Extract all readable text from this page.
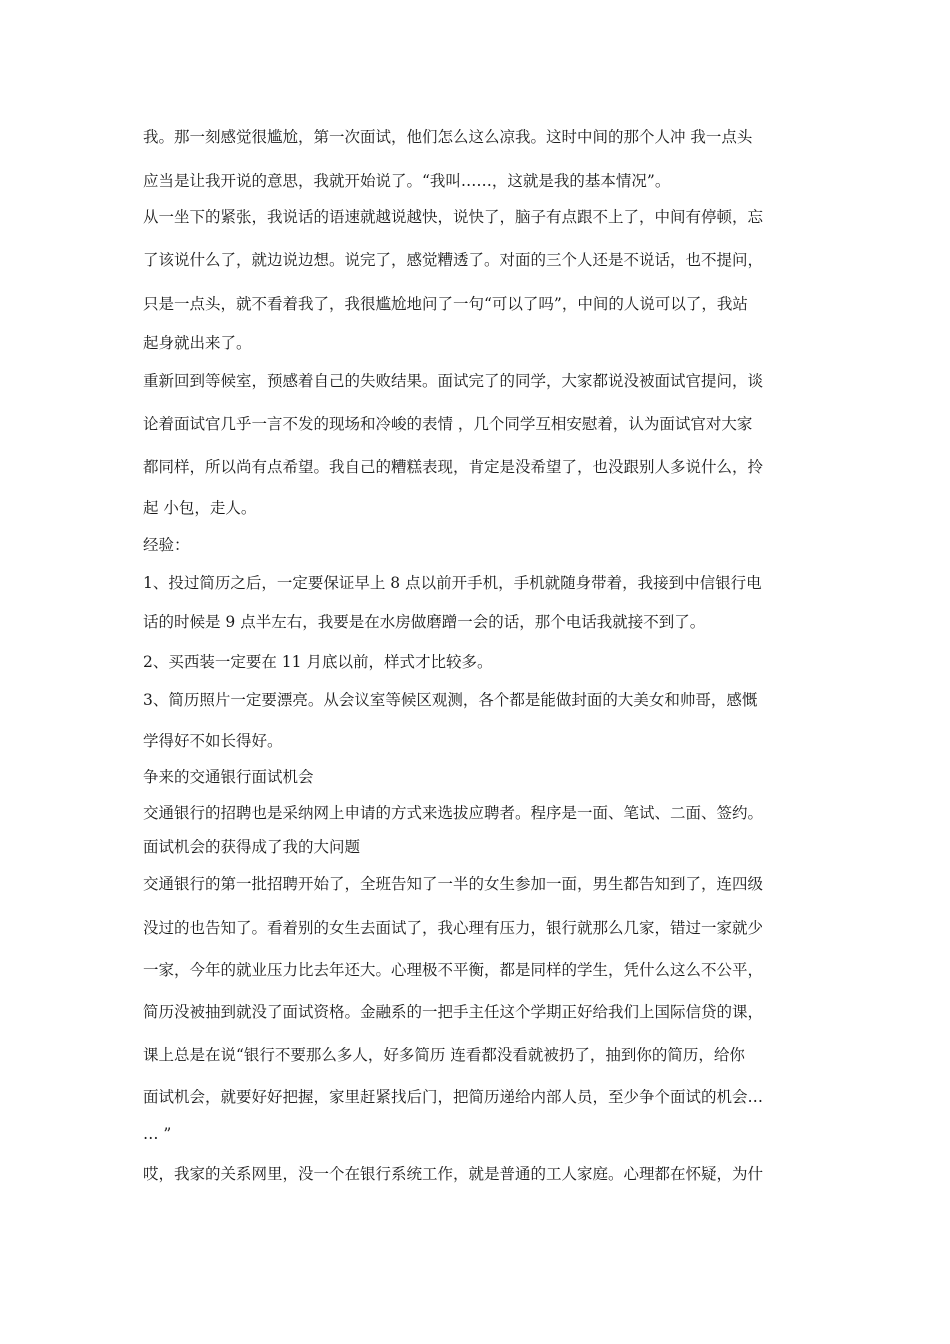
我。那一刻感觉很尴尬，第一次面试，他们怎么这么凉我。这时中间的那个人冲 我一点头
应当是让我开说的意思，我就开始说了。“我叫……，这就是我的基本情况”。
从一坐下的紧张，我说话的语速就越说越快，说快了，脑子有点跟不上了，中间有停顿，忘
了该说什么了，就边说边想。说完了，感觉糟透了。对面的三个人还是不说话，也不提问，
只是一点头，就不看着我了，我很尴尬地问了一句“可以了吗”，中间的人说可以了，我站
起身就出来了。
重新回到等候室，预感着自己的失败结果。面试完了的同学，大家都说没被面试官提问，谈
论着面试官几乎一言不发的现场和冷峻的表情 ，几个同学互相安慰着，认为面试官对大家
都同样，所以尚有点希望。我自己的糟糕表现，肯定是没希望了，也没跟别人多说什么，拎
起 小包，走人。
经验：
1、投过简历之后，一定要保证早上 8 点以前开手机，手机就随身带着，我接到中信银行电
话的时候是 9 点半左右，我要是在水房做磨蹭一会的话，那个电话我就接不到了。
2、买西装一定要在 11 月底以前，样式才比较多。
3、简历照片一定要漂亮。从会议室等候区观测，各个都是能做封面的大美女和帅哥，感慨
学得好不如长得好。
争来的交通银行面试机会
交通银行的招聘也是采纳网上申请的方式来选拔应聘者。程序是一面、笔试、二面、签约。
面试机会的获得成了我的大问题
交通银行的第一批招聘开始了，全班告知了一半的女生参加一面，男生都告知到了，连四级
没过的也告知了。看着别的女生去面试了，我心理有压力，银行就那么几家，错过一家就少
一家，今年的就业压力比去年还大。心理极不平衡，都是同样的学生，凭什么这么不公平，
简历没被抽到就没了面试资格。金融系的一把手主任这个学期正好给我们上国际信贷的课，
课上总是在说“银行不要那么多人，好多简历 连看都没看就被扔了，抽到你的简历，给你
面试机会，就要好好把握，家里赶紧找后门，把简历递给内部人员，至少争个面试的机会…
… ”
哎，我家的关系网里，没一个在银行系统工作，就是普通的工人家庭。心理都在怀疑，为什
